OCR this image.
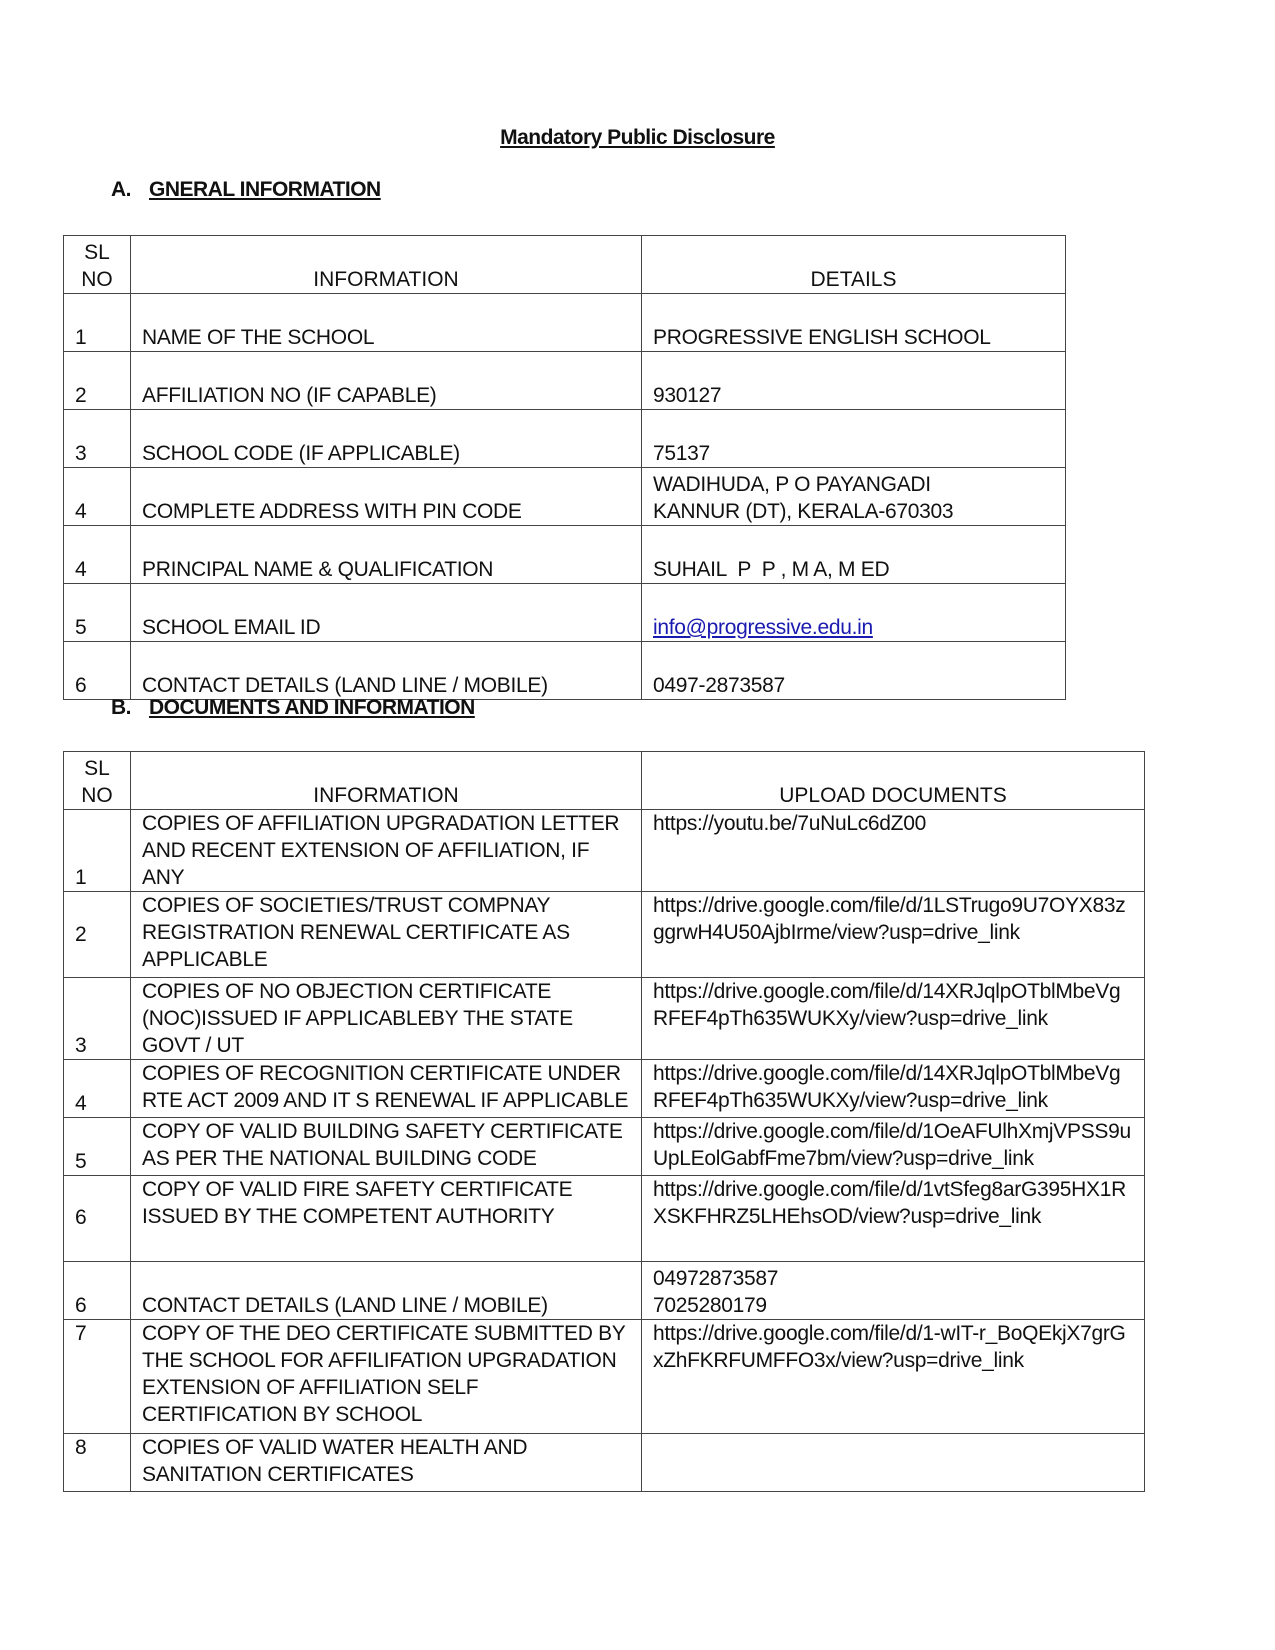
Mandatory Public Disclosure
A. GNERAL INFORMATION
SL
NO	INFORMATION	DETAILS
1	NAME OF THE SCHOOL	PROGRESSIVE ENGLISH SCHOOL
2	AFFILIATION NO (IF CAPABLE)	930127
3	SCHOOL CODE (IF APPLICABLE)	75137
4	COMPLETE ADDRESS WITH PIN CODE	WADIHUDA, P O PAYANGADI
KANNUR (DT), KERALA-670303
4	PRINCIPAL NAME & QUALIFICATION	SUHAIL  P  P , M A, M ED
5	SCHOOL EMAIL ID	info@progressive.edu.in
6	CONTACT DETAILS (LAND LINE / MOBILE)	0497-2873587
B. DOCUMENTS AND INFORMATION
SL
NO	INFORMATION	UPLOAD DOCUMENTS
1	COPIES OF AFFILIATION UPGRADATION LETTER AND RECENT EXTENSION OF AFFILIATION, IF ANY	https://youtu.be/7uNuLc6dZ00
2	COPIES OF SOCIETIES/TRUST COMPNAY REGISTRATION RENEWAL CERTIFICATE AS APPLICABLE	https://drive.google.com/file/d/1LSTrugo9U7OYX83zggrwH4U50AjbIrme/view?usp=drive_link
3	COPIES OF NO OBJECTION CERTIFICATE (NOC)ISSUED IF APPLICABLEBY THE STATE GOVT / UT	https://drive.google.com/file/d/14XRJqlpOTblMbeVgRFEF4pTh635WUKXy/view?usp=drive_link
4	COPIES OF RECOGNITION CERTIFICATE UNDER RTE ACT 2009 AND IT S RENEWAL IF APPLICABLE	https://drive.google.com/file/d/14XRJqlpOTblMbeVgRFEF4pTh635WUKXy/view?usp=drive_link
5	COPY OF VALID BUILDING SAFETY CERTIFICATE AS PER THE NATIONAL BUILDING CODE	https://drive.google.com/file/d/1OeAFUlhXmjVPSS9uUpLEolGabfFme7bm/view?usp=drive_link
6	COPY OF VALID FIRE SAFETY CERTIFICATE ISSUED BY THE COMPETENT AUTHORITY	https://drive.google.com/file/d/1vtSfeg8arG395HX1RXSKFHRZ5LHEhsOD/view?usp=drive_link
6	CONTACT DETAILS (LAND LINE / MOBILE)	04972873587
7025280179
7	COPY OF THE DEO CERTIFICATE SUBMITTED BY THE SCHOOL FOR AFFILIFATION UPGRADATION EXTENSION OF AFFILIATION SELF CERTIFICATION BY SCHOOL	https://drive.google.com/file/d/1-wIT-r_BoQEkjX7grGxZhFKRFUMFFO3x/view?usp=drive_link
8	COPIES OF VALID WATER HEALTH AND SANITATION CERTIFICATES	
